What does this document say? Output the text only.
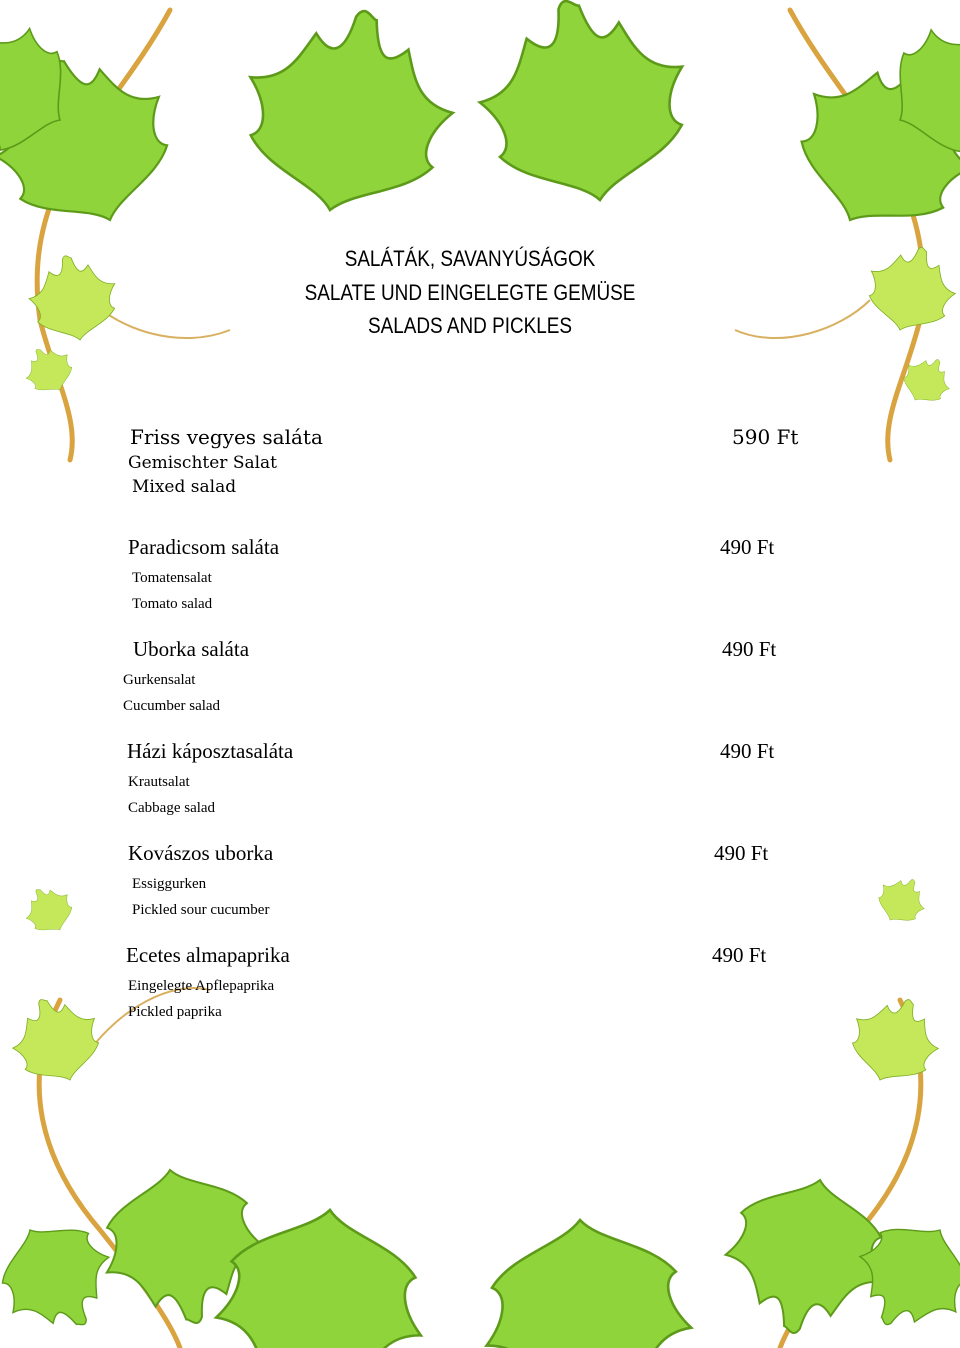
SALÁTÁK, SAVANYÚSÁGOK
SALATE UND EINGELEGTE GEMÜSE
SALADS AND PICKLES
Friss vegyes saláta
Gemischter Salat
Mixed salad
590 Ft
Paradicsom saláta
Tomatensalat
Tomato salad
490 Ft
Uborka saláta
Gurkensalat
Cucumber salad
490 Ft
Házi káposztasaláta
Krautsalat
Cabbage salad
490 Ft
Kovászos uborka
Essiggurken
Pickled sour cucumber
490 Ft
Ecetes almapaprika
Eingelegte Apflepaprika
Pickled paprika
490 Ft
